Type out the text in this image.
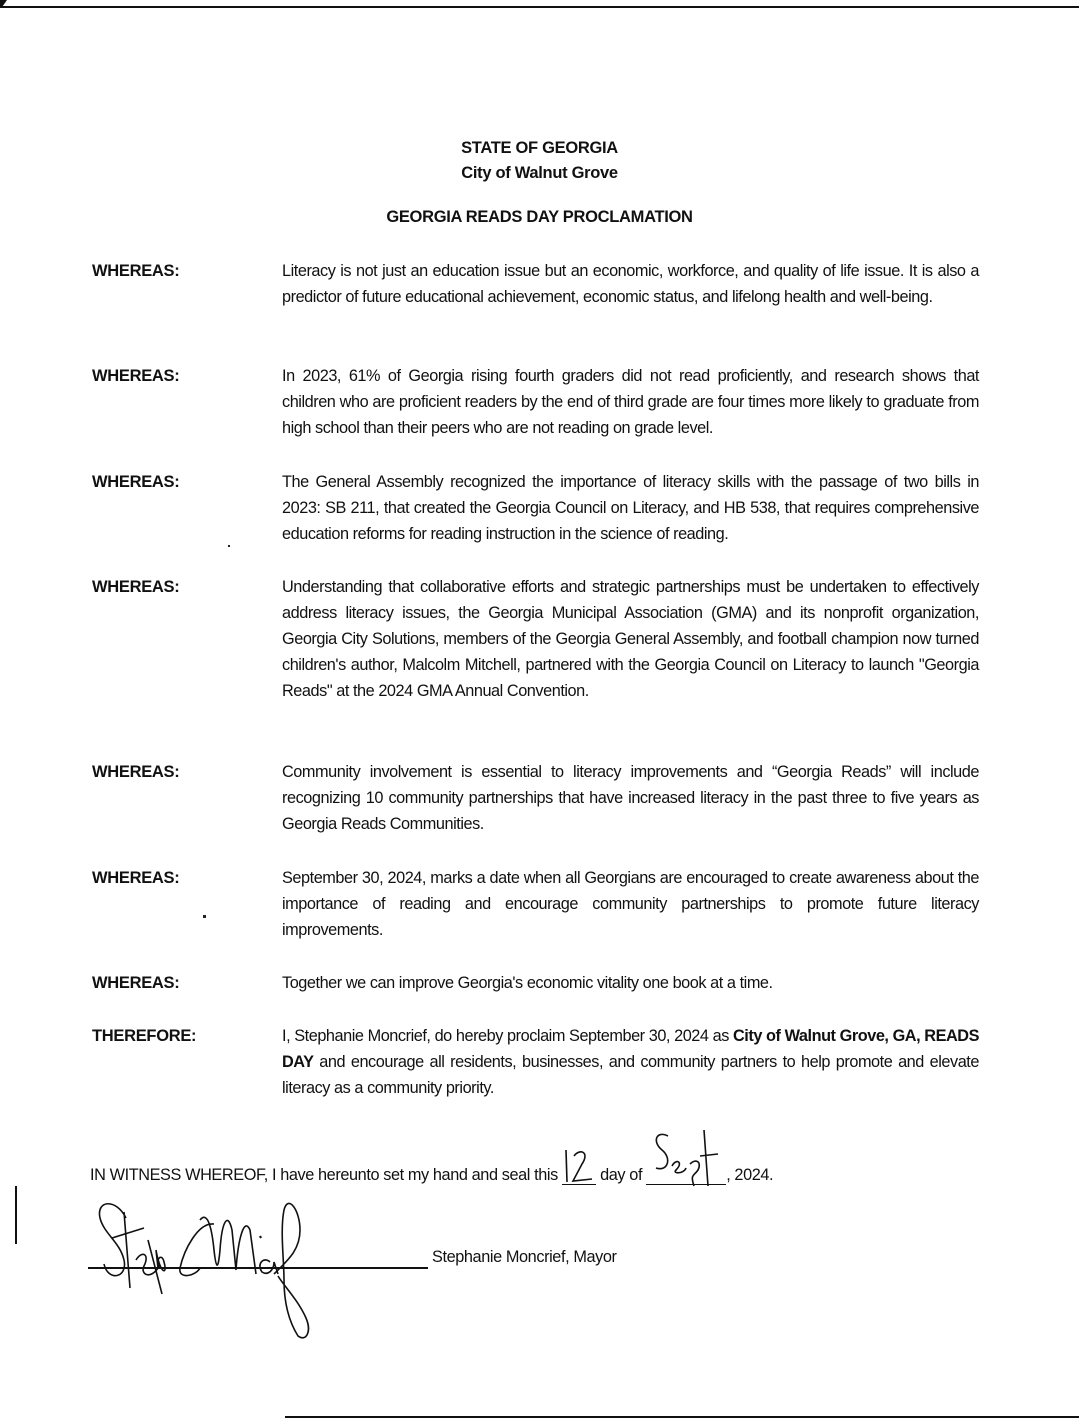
STATE OF GEORGIA
City of Walnut Grove
GEORGIA READS DAY PROCLAMATION
WHEREAS:	Literacy is not just an education issue but an economic, workforce, and quality of life issue. It is also a predictor of future educational achievement, economic status, and lifelong health and well-being.
WHEREAS:	In 2023, 61% of Georgia rising fourth graders did not read proficiently, and research shows that children who are proficient readers by the end of third grade are four times more likely to graduate from high school than their peers who are not reading on grade level.
WHEREAS:	The General Assembly recognized the importance of literacy skills with the passage of two bills in 2023: SB 211, that created the Georgia Council on Literacy, and HB 538, that requires comprehensive education reforms for reading instruction in the science of reading.
WHEREAS:	Understanding that collaborative efforts and strategic partnerships must be undertaken to effectively address literacy issues, the Georgia Municipal Association (GMA) and its nonprofit organization, Georgia City Solutions, members of the Georgia General Assembly, and football champion now turned children's author, Malcolm Mitchell, partnered with the Georgia Council on Literacy to launch "Georgia Reads" at the 2024 GMA Annual Convention.
WHEREAS:	Community involvement is essential to literacy improvements and “Georgia Reads” will include recognizing 10 community partnerships that have increased literacy in the past three to five years as Georgia Reads Communities.
WHEREAS:	September 30, 2024, marks a date when all Georgians are encouraged to create awareness about the importance of reading and encourage community partnerships to promote future literacy improvements.
WHEREAS:	Together we can improve Georgia's economic vitality one book at a time.
THEREFORE:	I, Stephanie Moncrief, do hereby proclaim September 30, 2024 as City of Walnut Grove, GA, READS DAY and encourage all residents, businesses, and community partners to help promote and elevate literacy as a community priority.
IN WITNESS WHEREOF, I have hereunto set my hand and seal this	day of	, 2024.
Stephanie Moncrief, Mayor
